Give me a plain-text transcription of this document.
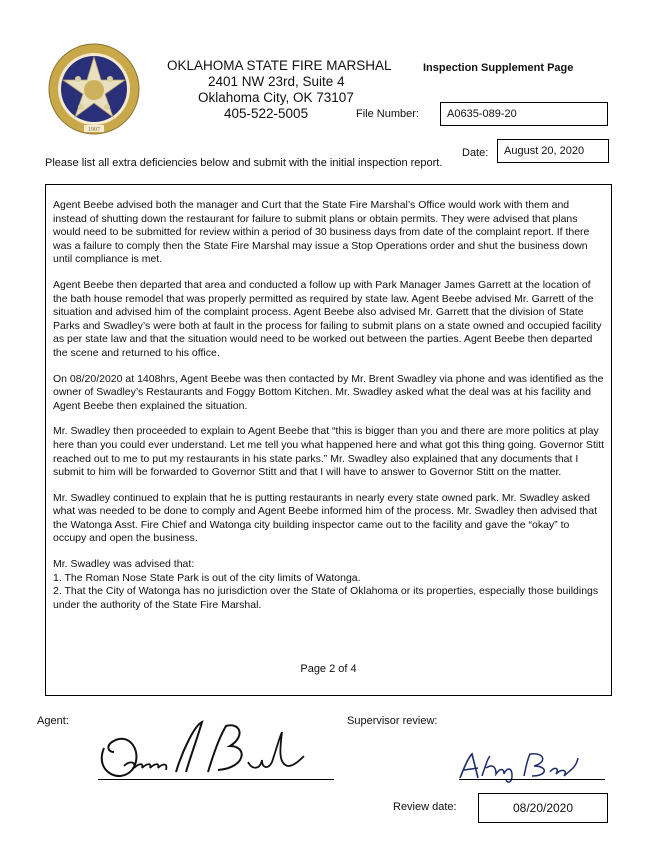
1907
OKLAHOMA STATE FIRE MARSHAL
2401 NW 23rd, Suite 4
Oklahoma City, OK 73107
405-522-5005
Inspection Supplement Page
File Number:	A0635-089-20
Date:	August 20, 2020
Please list all extra deficiencies below and submit with the initial inspection report.

Agent Beebe advised both the manager and Curt that the State Fire Marshal’s Office would work with them and instead of shutting down the restaurant for failure to submit plans or obtain permits. They were advised that plans would need to be submitted for review within a period of 30 business days from date of the complaint report. If there was a failure to comply then the State Fire Marshal may issue a Stop Operations order and shut the business down until compliance is met.

Agent Beebe then departed that area and conducted a follow up with Park Manager James Garrett at the location of the bath house remodel that was properly permitted as required by state law. Agent Beebe advised Mr. Garrett of the situation and advised him of the complaint process. Agent Beebe also advised Mr. Garrett that the division of State Parks and Swadley’s were both at fault in the process for failing to submit plans on a state owned and occupied facility as per state law and that the situation would need to be worked out between the parties. Agent Beebe then departed the scene and returned to his office.

On 08/20/2020 at 1408hrs, Agent Beebe was then contacted by Mr. Brent Swadley via phone and was identified as the owner of Swadley’s Restaurants and Foggy Bottom Kitchen. Mr. Swadley asked what the deal was at his facility and Agent Beebe then explained the situation.

Mr. Swadley then proceeded to explain to Agent Beebe that “this is bigger than you and there are more politics at play here than you could ever understand. Let me tell you what happened here and what got this thing going. Governor Stitt reached out to me to put my restaurants in his state parks.” Mr. Swadley also explained that any documents that I submit to him will be forwarded to Governor Stitt and that I will have to answer to Governor Stitt on the matter.

Mr. Swadley continued to explain that he is putting restaurants in nearly every state owned park. Mr. Swadley asked what was needed to be done to comply and Agent Beebe informed him of the process. Mr. Swadley then advised that the Watonga Asst. Fire Chief and Watonga city building inspector came out to the facility and gave the “okay” to occupy and open the business.

Mr. Swadley was advised that:
1. The Roman Nose State Park is out of the city limits of Watonga.
2. That the City of Watonga has no jurisdiction over the State of Oklahoma or its properties, especially those buildings under the authority of the State Fire Marshal.
Page 2 of 4
Agent:	Supervisor review:
Review date:	08/20/2020
